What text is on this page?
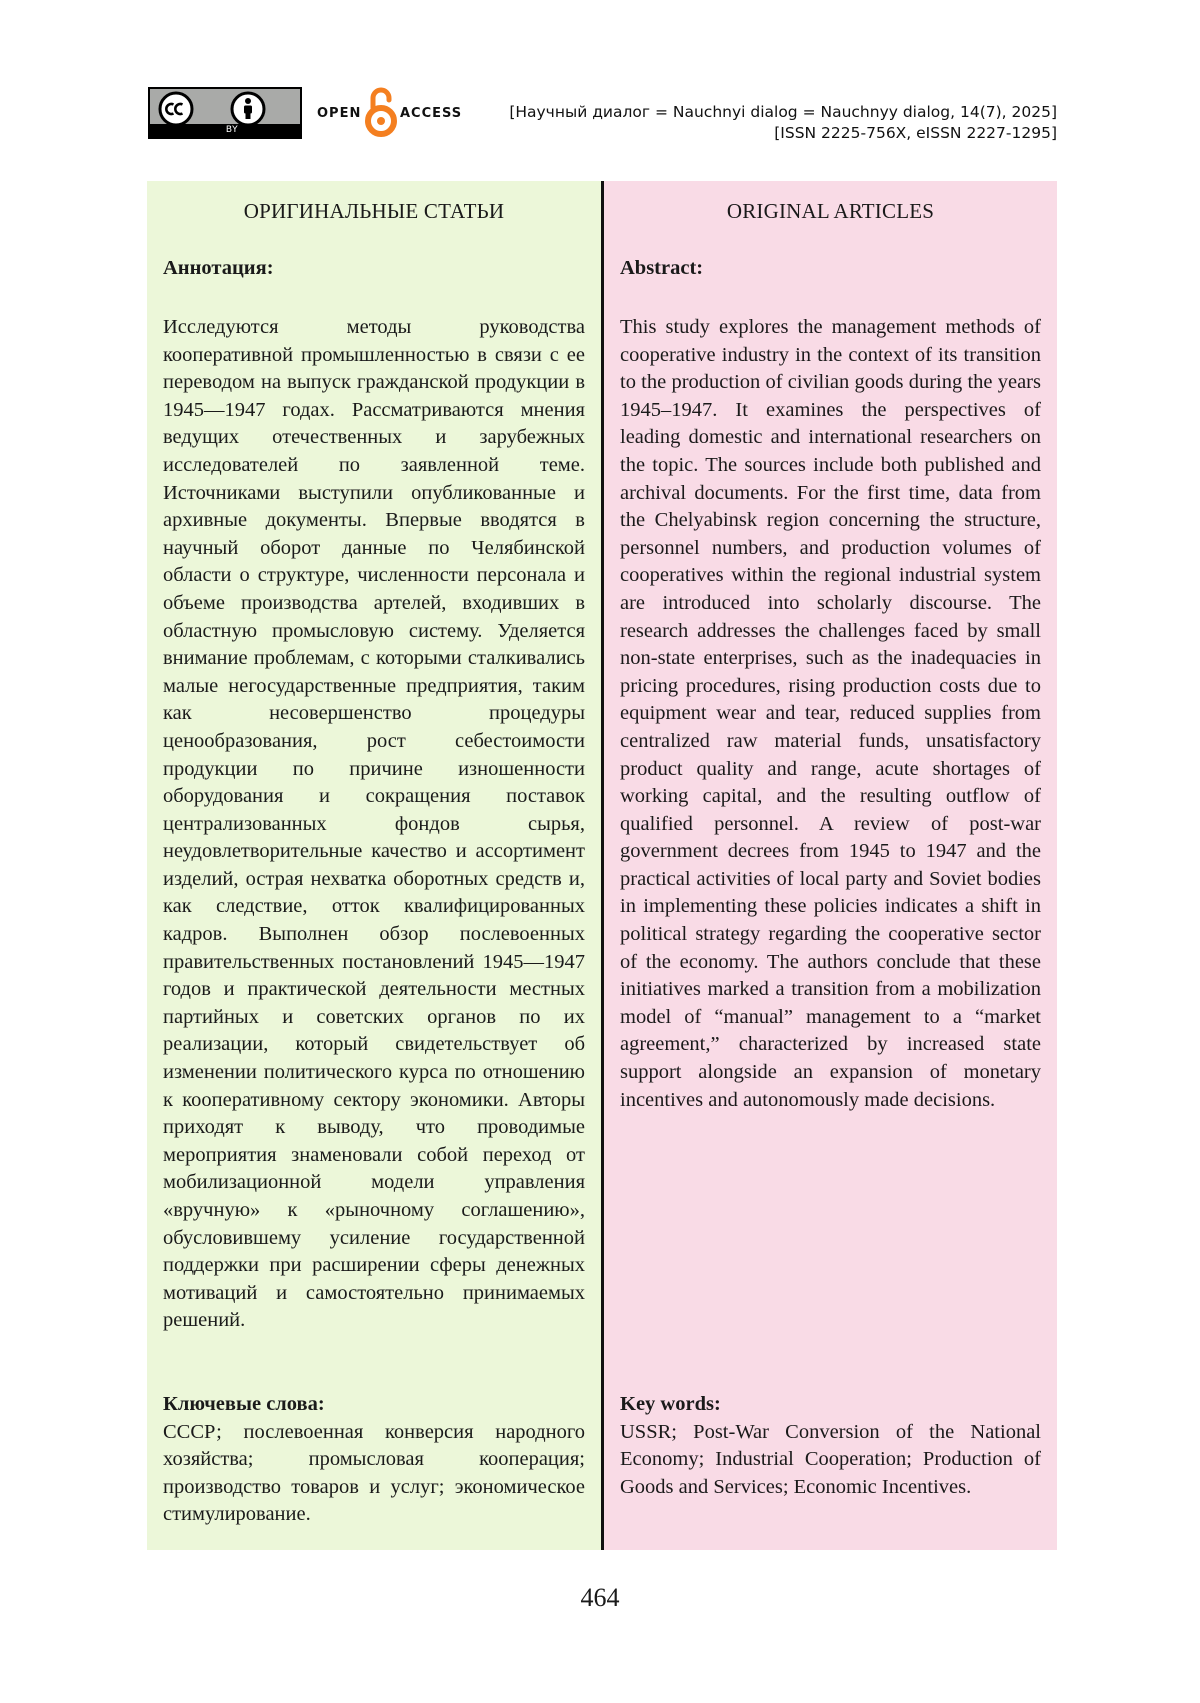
BY
OPEN	ACCESS	[Научный диалог = Nauchnyi dialog = Nauchnyy dialog, 14(7), 2025]
[ISSN 2225-756X, eISSN 2227-1295]
ОРИГИНАЛЬНЫЕ СТАТЬИ
Аннотация:
Исследуются методы руководства кооперативной промышленностью в связи с ее переводом на выпуск гражданской продукции в 1945—1947 годах. Рассматриваются мнения ведущих отечественных и зарубежных исследователей по заявленной теме. Источниками выступили опубликованные и архивные документы. Впервые вводятся в научный оборот данные по Челябинской области о структуре, численности персонала и объеме производства артелей, входивших в областную промысловую систему. Уделяется внимание проблемам, с которыми сталкивались малые негосударственные предприятия, таким как несовершенство процедуры ценообразования, рост себестоимости продукции по причине изношенности оборудования и сокращения поставок централизованных фондов сырья, неудовлетворительные качество и ассортимент изделий, острая нехватка оборотных средств и, как следствие, отток квалифицированных кадров. Выполнен обзор послевоенных правительственных постановлений 1945—1947 годов и практической деятельности местных партийных и советских органов по их реализации, который свидетельствует об изменении политического курса по отношению к кооперативному сектору экономики. Авторы приходят к выводу, что проводимые мероприятия знаменовали собой переход от мобилизационной модели управления «вручную» к «рыночному соглашению», обусловившему усиление государственной поддержки при расширении сферы денежных мотиваций и самостоятельно принимаемых решений.
Ключевые слова:
СССР; послевоенная конверсия народного хозяйства; промысловая кооперация; производство товаров и услуг; экономическое стимулирование.
ORIGINAL ARTICLES
Abstract:
This study explores the management methods of cooperative industry in the context of its transition to the production of civilian goods during the years 1945–1947. It examines the perspectives of leading domestic and international researchers on the topic. The sources include both published and archival documents. For the first time, data from the Chelyabinsk region concerning the structure, personnel numbers, and production volumes of cooperatives within the regional industrial system are introduced into scholarly discourse. The research addresses the challenges faced by small non-state enterprises, such as the inadequacies in pricing procedures, rising production costs due to equipment wear and tear, reduced supplies from centralized raw material funds, unsatisfactory product quality and range, acute shortages of working capital, and the resulting outflow of qualified personnel. A review of post-war government decrees from 1945 to 1947 and the practical activities of local party and Soviet bodies in implementing these policies indicates a shift in political strategy regarding the cooperative sector of the economy. The authors conclude that these initiatives marked a transition from a mobilization model of “manual” management to a “market agreement,” characterized by increased state support alongside an expansion of monetary incentives and autonomously made decisions.
Key words:
USSR; Post-War Conversion of the National Economy; Industrial Cooperation; Production of Goods and Services; Economic Incentives.
464
